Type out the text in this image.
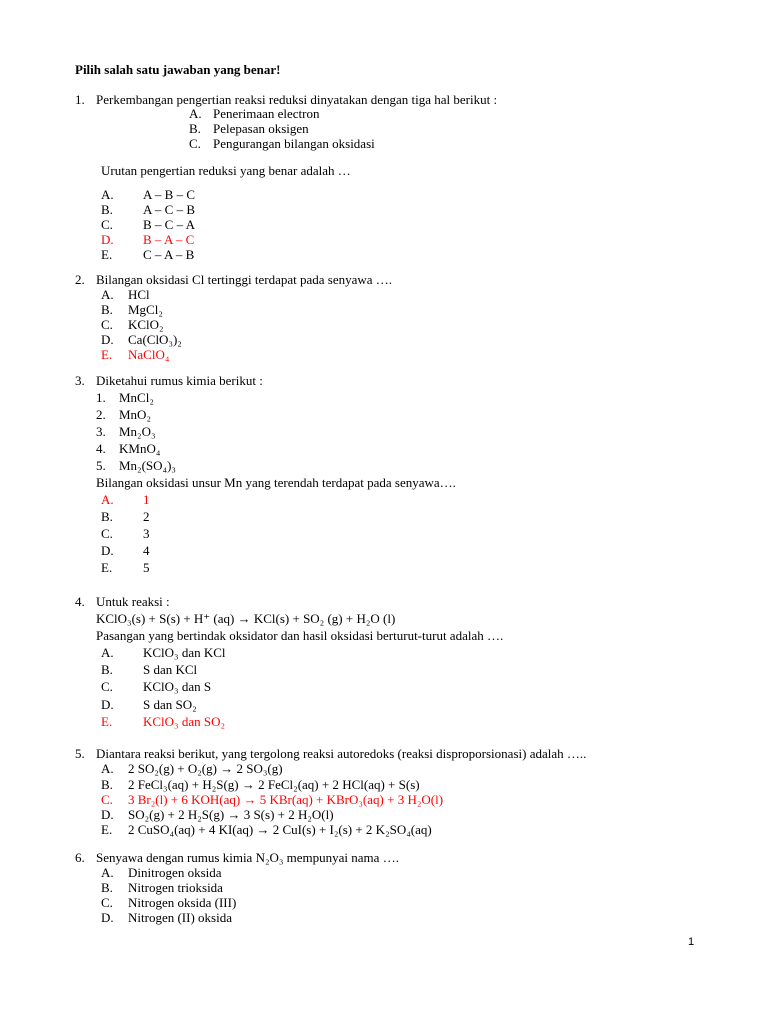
Pilih salah satu jawaban yang benar!
1. Perkembangan pengertian reaksi reduksi dinyatakan dengan tiga hal berikut :
A. Penerimaan electron
B. Pelepasan oksigen
C. Pengurangan bilangan oksidasi
Urutan pengertian reduksi yang benar adalah …
A. A – B – C
B. A – C – B
C. B – C – A
D. B – A – C
E. C – A – B
2. Bilangan oksidasi Cl tertinggi terdapat pada senyawa ….
A. HCl
B. MgCl₂
C. KClO₂
D. Ca(ClO₃)₂
E. NaClO₄
3. Diketahui rumus kimia berikut :
1. MnCl₂
2. MnO₂
3. Mn₂O₃
4. KMnO₄
5. Mn₂(SO₄)₃
Bilangan oksidasi unsur Mn yang terendah terdapat pada senyawa….
A. 1
B. 2
C. 3
D. 4
E. 5
4. Untuk reaksi :
KClO₃(s) + S(s) + H⁺ (aq) → KCl(s) + SO₂ (g) + H₂O (l)
Pasangan yang bertindak oksidator dan hasil oksidasi berturut-turut adalah ….
A. KClO₃ dan KCl
B. S dan KCl
C. KClO₃ dan S
D. S dan SO₂
E. KClO₃ dan SO₂
5. Diantara reaksi berikut, yang tergolong reaksi autoredoks (reaksi disproporsionasi) adalah …..
A. 2 SO₂(g) + O₂(g) → 2 SO₃(g)
B. 2 FeCl₃(aq) + H₂S(g) → 2 FeCl₂(aq) + 2 HCl(aq) + S(s)
C. 3 Br₂(l) + 6 KOH(aq) → 5 KBr(aq) + KBrO₃(aq) + 3 H₂O(l)
D. SO₂(g) + 2 H₂S(g) → 3 S(s) + 2 H₂O(l)
E. 2 CuSO₄(aq) + 4 KI(aq) → 2 CuI(s) + I₂(s) + 2 K₂SO₄(aq)
6. Senyawa dengan rumus kimia N₂O₃ mempunyai nama ….
A. Dinitrogen oksida
B. Nitrogen trioksida
C. Nitrogen oksida (III)
D. Nitrogen (II) oksida
1
